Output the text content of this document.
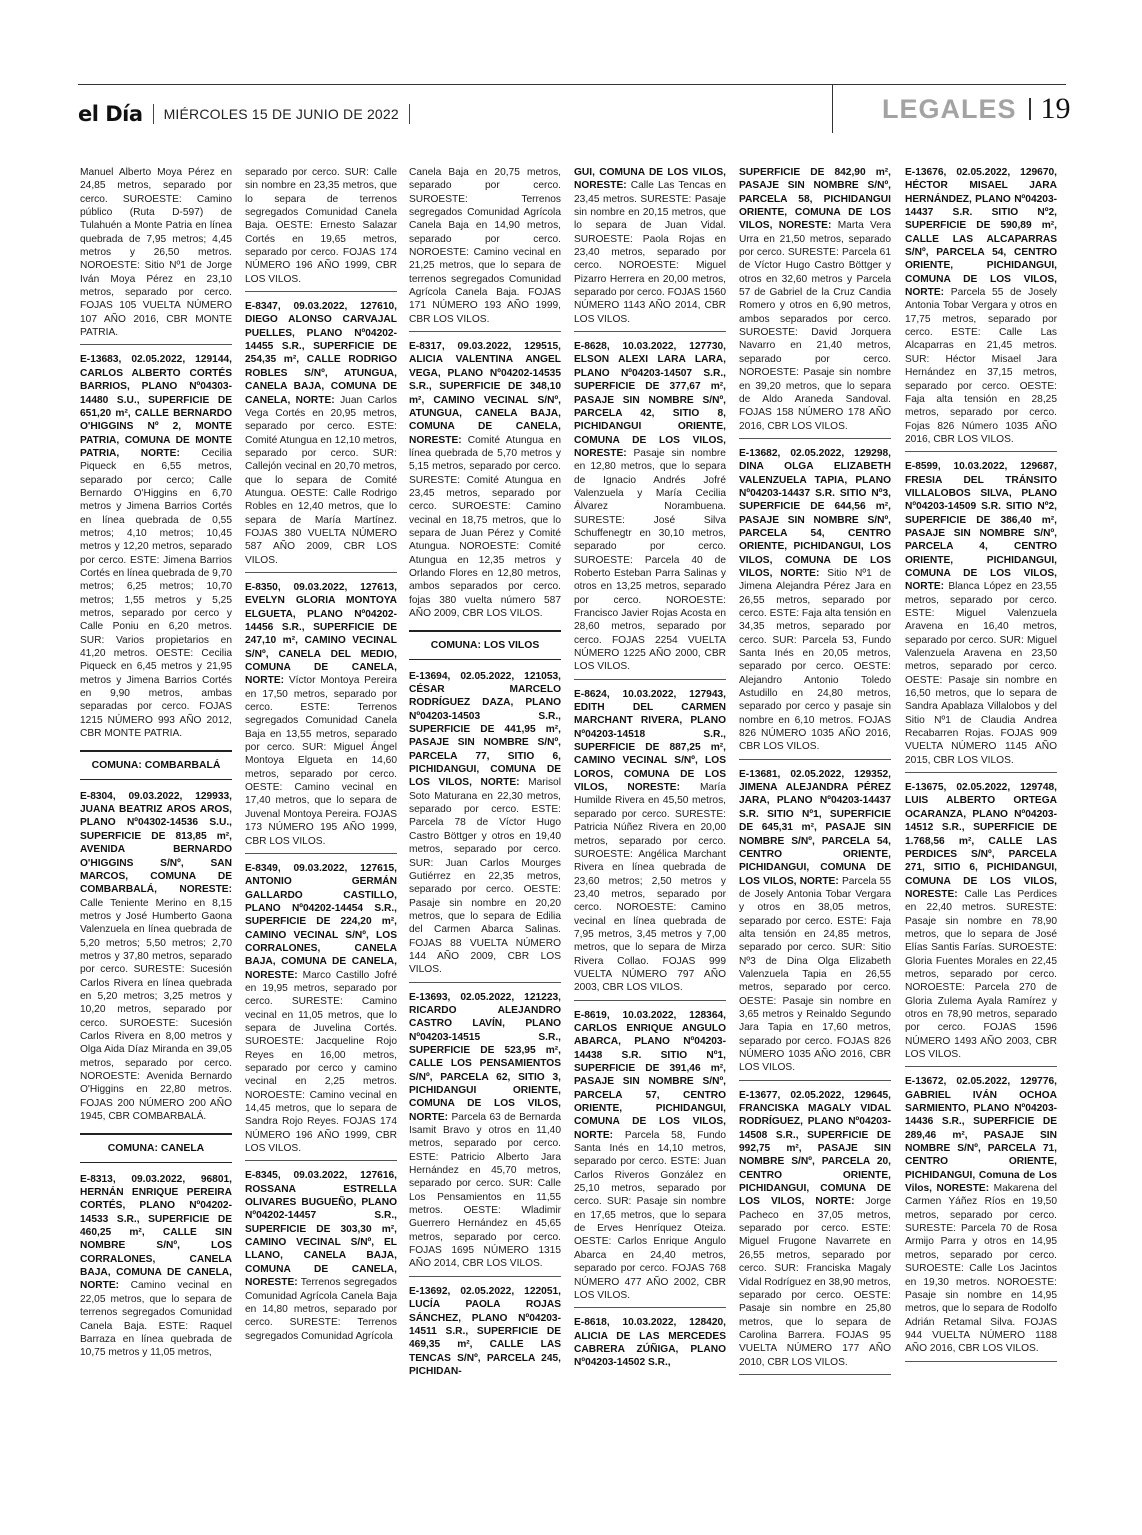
el Día MIÉRCOLES 15 DE JUNIO DE 2022	LEGALES 19
Manuel Alberto Moya Pérez en 24,85 metros, separado por cerco. SUROESTE: Camino público (Ruta D-597) de Tulahuén a Monte Patria en línea quebrada de 7,95 metros; 4,45 metros y 26,50 metros. NOROESTE: Sitio Nº1 de Jorge Iván Moya Pérez en 23,10 metros, separado por cerco. FOJAS 105 VUELTA NÚMERO 107 AÑO 2016, CBR MONTE PATRIA.
E-13683, 02.05.2022, 129144, CARLOS ALBERTO CORTÉS BARRIOS, PLANO Nº04303-14480 S.U., SUPERFICIE DE 651,20 m², CALLE BERNARDO O'HIGGINS Nº 2, MONTE PATRIA, COMUNA DE MONTE PATRIA, NORTE: Cecilia Piqueck en 6,55 metros, separado por cerco; Calle Bernardo O'Higgins en 6,70 metros y Jimena Barrios Cortés en línea quebrada de 0,55 metros; 4,10 metros; 10,45 metros y 12,20 metros, separado por cerco. ESTE: Jimena Barrios Cortés en línea quebrada de 9,70 metros; 6,25 metros; 10,70 metros; 1,55 metros y 5,25 metros, separado por cerco y Calle Poniu en 6,20 metros. SUR: Varios propietarios en 41,20 metros. OESTE: Cecilia Piqueck en 6,45 metros y 21,95 metros y Jimena Barrios Cortés en 9,90 metros, ambas separadas por cerco. FOJAS 1215 NÚMERO 993 AÑO 2012, CBR MONTE PATRIA.
COMUNA: COMBARBALÁ
E-8304, 09.03.2022, 129933, JUANA BEATRIZ AROS AROS, PLANO Nº04302-14536 S.U., SUPERFICIE DE 813,85 m², AVENIDA BERNARDO O'HIGGINS S/Nº, SAN MARCOS, COMUNA DE COMBARBALÁ, NORESTE: Calle Teniente Merino en 8,15 metros y José Humberto Gaona Valenzuela en línea quebrada de 5,20 metros; 5,50 metros; 2,70 metros y 37,80 metros, separado por cerco. SURESTE: Sucesión Carlos Rivera en línea quebrada en 5,20 metros; 3,25 metros y 10,20 metros, separado por cerco. SUROESTE: Sucesión Carlos Rivera en 8,00 metros y Olga Aida Díaz Miranda en 39,05 metros, separado por cerco. NOROESTE: Avenida Bernardo O'Higgins en 22,80 metros. FOJAS 200 NÚMERO 200 AÑO 1945, CBR COMBARBALÁ.
COMUNA: CANELA
E-8313, 09.03.2022, 96801, HERNÁN ENRIQUE PEREIRA CORTÉS, PLANO Nº04202-14533 S.R., SUPERFICIE DE 460,25 m², CALLE SIN NOMBRE S/Nº, LOS CORRALONES, CANELA BAJA, COMUNA DE CANELA, NORTE: Camino vecinal en 22,05 metros, que lo separa de terrenos segregados Comunidad Canela Baja. ESTE: Raquel Barraza en línea quebrada de 10,75 metros y 11,05 metros,
separado por cerco. SUR: Calle sin nombre en 23,35 metros, que lo separa de terrenos segregados Comunidad Canela Baja. OESTE: Ernesto Salazar Cortés en 19,65 metros, separado por cerco. FOJAS 174 NÚMERO 196 AÑO 1999, CBR LOS VILOS.
E-8347, 09.03.2022, 127610, DIEGO ALONSO CARVAJAL PUELLES, PLANO Nº04202-14455 S.R., SUPERFICIE DE 254,35 m², CALLE RODRIGO ROBLES S/Nº, ATUNGUA, CANELA BAJA, COMUNA DE CANELA, NORTE: Juan Carlos Vega Cortés en 20,95 metros, separado por cerco. ESTE: Comité Atungua en 12,10 metros, separado por cerco. SUR: Callejón vecinal en 20,70 metros, que lo separa de Comité Atungua. OESTE: Calle Rodrigo Robles en 12,40 metros, que lo separa de María Martínez. FOJAS 380 VUELTA NÚMERO 587 AÑO 2009, CBR LOS VILOS.
E-8350, 09.03.2022, 127613, EVELYN GLORIA MONTOYA ELGUETA, PLANO Nº04202-14456 S.R., SUPERFICIE DE 247,10 m², CAMINO VECINAL S/Nº, CANELA DEL MEDIO, COMUNA DE CANELA, NORTE: Víctor Montoya Pereira en 17,50 metros, separado por cerco. ESTE: Terrenos segregados Comunidad Canela Baja en 13,55 metros, separado por cerco. SUR: Miguel Ángel Montoya Elgueta en 14,60 metros, separado por cerco. OESTE: Camino vecinal en 17,40 metros, que lo separa de Juvenal Montoya Pereira. FOJAS 173 NÚMERO 195 AÑO 1999, CBR LOS VILOS.
E-8349, 09.03.2022, 127615, ANTONIO GERMÁN GALLARDO CASTILLO, PLANO Nº04202-14454 S.R., SUPERFICIE DE 224,20 m², CAMINO VECINAL S/Nº, LOS CORRALONES, CANELA BAJA, COMUNA DE CANELA, NORESTE: Marco Castillo Jofré en 19,95 metros, separado por cerco. SURESTE: Camino vecinal en 11,05 metros, que lo separa de Juvelina Cortés. SUROESTE: Jacqueline Rojo Reyes en 16,00 metros, separado por cerco y camino vecinal en 2,25 metros. NOROESTE: Camino vecinal en 14,45 metros, que lo separa de Sandra Rojo Reyes. FOJAS 174 NÚMERO 196 AÑO 1999, CBR LOS VILOS.
E-8345, 09.03.2022, 127616, ROSSANA ESTRELLA OLIVARES BUGUEÑO, PLANO Nº04202-14457 S.R., SUPERFICIE DE 303,30 m², CAMINO VECINAL S/Nº, EL LLANO, CANELA BAJA, COMUNA DE CANELA, NORESTE: Terrenos segregados Comunidad Agrícola Canela Baja en 14,80 metros, separado por cerco. SURESTE: Terrenos segregados Comunidad Agrícola
Canela Baja en 20,75 metros, separado por cerco. SUROESTE: Terrenos segregados Comunidad Agrícola Canela Baja en 14,90 metros, separado por cerco. NOROESTE: Camino vecinal en 21,25 metros, que lo separa de terrenos segregados Comunidad Agrícola Canela Baja. FOJAS 171 NÚMERO 193 AÑO 1999, CBR LOS VILOS.
E-8317, 09.03.2022, 129515, ALICIA VALENTINA ANGEL VEGA, PLANO Nº04202-14535 S.R., SUPERFICIE DE 348,10 m², CAMINO VECINAL S/Nº, ATUNGUA, CANELA BAJA, COMUNA DE CANELA, NORESTE: Comité Atungua en línea quebrada de 5,70 metros y 5,15 metros, separado por cerco. SURESTE: Comité Atungua en 23,45 metros, separado por cerco. SUROESTE: Camino vecinal en 18,75 metros, que lo separa de Juan Pérez y Comité Atungua. NOROESTE: Comité Atungua en 12,35 metros y Orlando Flores en 12,80 metros, ambos separados por cerco. fojas 380 vuelta número 587 AÑO 2009, CBR LOS VILOS.
COMUNA: LOS VILOS
E-13694, 02.05.2022, 121053, CÉSAR MARCELO RODRÍGUEZ DAZA, PLANO Nº04203-14503 S.R., SUPERFICIE DE 441,95 m², PASAJE SIN NOMBRE S/Nº, PARCELA 77, SITIO 6, PICHIDANGUI, COMUNA DE LOS VILOS, NORTE: Marisol Soto Maturana en 22,30 metros, separado por cerco. ESTE: Parcela 78 de Víctor Hugo Castro Böttger y otros en 19,40 metros, separado por cerco. SUR: Juan Carlos Mourges Gutiérrez en 22,35 metros, separado por cerco. OESTE: Pasaje sin nombre en 20,20 metros, que lo separa de Edilia del Carmen Abarca Salinas. FOJAS 88 VUELTA NÚMERO 144 AÑO 2009, CBR LOS VILOS.
E-13693, 02.05.2022, 121223, RICARDO ALEJANDRO CASTRO LAVÍN, PLANO Nº04203-14515 S.R., SUPERFICIE DE 523,95 m², CALLE LOS PENSAMIENTOS S/Nº, PARCELA 62, SITIO 3, PICHIDANGUI ORIENTE, COMUNA DE LOS VILOS, NORTE: Parcela 63 de Bernarda Isamit Bravo y otros en 11,40 metros, separado por cerco. ESTE: Patricio Alberto Jara Hernández en 45,70 metros, separado por cerco. SUR: Calle Los Pensamientos en 11,55 metros. OESTE: Wladimir Guerrero Hernández en 45,65 metros, separado por cerco. FOJAS 1695 NÚMERO 1315 AÑO 2014, CBR LOS VILOS.
E-13692, 02.05.2022, 122051, LUCÍA PAOLA ROJAS SÁNCHEZ, PLANO Nº04203-14511 S.R., SUPERFICIE DE 469,35 m², CALLE LAS TENCAS S/Nº, PARCELA 245, PICHIDAN-
GUI, COMUNA DE LOS VILOS, NORESTE: Calle Las Tencas en 23,45 metros. SURESTE: Pasaje sin nombre en 20,15 metros, que lo separa de Juan Vidal. SUROESTE: Paola Rojas en 23,40 metros, separado por cerco. NOROESTE: Miguel Pizarro Herrera en 20,00 metros, separado por cerco. FOJAS 1560 NÚMERO 1143 AÑO 2014, CBR LOS VILOS.
E-8628, 10.03.2022, 127730, ELSON ALEXI LARA LARA, PLANO Nº04203-14507 S.R., SUPERFICIE DE 377,67 m², PASAJE SIN NOMBRE S/Nº, PARCELA 42, SITIO 8, PICHIDANGUI ORIENTE, COMUNA DE LOS VILOS, NORESTE: Pasaje sin nombre en 12,80 metros, que lo separa de Ignacio Andrés Jofré Valenzuela y María Cecilia Álvarez Norambuena. SURESTE: José Silva Schuffenegtr en 30,10 metros, separado por cerco. SUROESTE: Parcela 40 de Roberto Esteban Parra Salinas y otros en 13,25 metros, separado por cerco. NOROESTE: Francisco Javier Rojas Acosta en 28,60 metros, separado por cerco. FOJAS 2254 VUELTA NÚMERO 1225 AÑO 2000, CBR LOS VILOS.
E-8624, 10.03.2022, 127943, EDITH DEL CARMEN MARCHANT RIVERA, PLANO Nº04203-14518 S.R., SUPERFICIE DE 887,25 m², CAMINO VECINAL S/Nº, LOS LOROS, COMUNA DE LOS VILOS, NORESTE: María Humilde Rivera en 45,50 metros, separado por cerco. SURESTE: Patricia Núñez Rivera en 20,00 metros, separado por cerco. SUROESTE: Angélica Marchant Rivera en línea quebrada de 23,60 metros; 2,50 metros y 23,40 metros, separado por cerco. NOROESTE: Camino vecinal en línea quebrada de 7,95 metros, 3,45 metros y 7,00 metros, que lo separa de Mirza Rivera Collao. FOJAS 999 VUELTA NÚMERO 797 AÑO 2003, CBR LOS VILOS.
E-8619, 10.03.2022, 128364, CARLOS ENRIQUE ANGULO ABARCA, PLANO Nº04203-14438 S.R. SITIO Nº1, SUPERFICIE DE 391,46 m², PASAJE SIN NOMBRE S/Nº, PARCELA 57, CENTRO ORIENTE, PICHIDANGUI, COMUNA DE LOS VILOS, NORTE: Parcela 58, Fundo Santa Inés en 14,10 metros, separado por cerco. ESTE: Juan Carlos Riveros González en 25,10 metros, separado por cerco. SUR: Pasaje sin nombre en 17,65 metros, que lo separa de Erves Henríquez Oteiza. OESTE: Carlos Enrique Angulo Abarca en 24,40 metros, separado por cerco. FOJAS 768 NÚMERO 477 AÑO 2002, CBR LOS VILOS.
E-8618, 10.03.2022, 128420, ALICIA DE LAS MERCEDES CABRERA ZÚÑIGA, PLANO Nº04203-14502 S.R.,
SUPERFICIE DE 842,90 m², PASAJE SIN NOMBRE S/Nº, PARCELA 58, PICHIDANGUI ORIENTE, COMUNA DE LOS VILOS, NORESTE: Marta Vera Urra en 21,50 metros, separado por cerco. SURESTE: Parcela 61 de Víctor Hugo Castro Böttger y otros en 32,60 metros y Parcela 57 de Gabriel de la Cruz Candia Romero y otros en 6,90 metros, ambos separados por cerco. SUROESTE: David Jorquera Navarro en 21,40 metros, separado por cerco. NOROESTE: Pasaje sin nombre en 39,20 metros, que lo separa de Aldo Araneda Sandoval. FOJAS 158 NÚMERO 178 AÑO 2016, CBR LOS VILOS.
E-13682, 02.05.2022, 129298, DINA OLGA ELIZABETH VALENZUELA TAPIA, PLANO Nº04203-14437 S.R. SITIO Nº3, SUPERFICIE DE 644,56 m², PASAJE SIN NOMBRE S/Nº, PARCELA 54, CENTRO ORIENTE, PICHIDANGUI, LOS VILOS, COMUNA DE LOS VILOS, NORTE: Sitio Nº1 de Jimena Alejandra Pérez Jara en 26,55 metros, separado por cerco. ESTE: Faja alta tensión en 34,35 metros, separado por cerco. SUR: Parcela 53, Fundo Santa Inés en 20,05 metros, separado por cerco. OESTE: Alejandro Antonio Toledo Astudillo en 24,80 metros, separado por cerco y pasaje sin nombre en 6,10 metros. FOJAS 826 NÚMERO 1035 AÑO 2016, CBR LOS VILOS.
E-13681, 02.05.2022, 129352, JIMENA ALEJANDRA PÉREZ JARA, PLANO Nº04203-14437 S.R. SITIO Nº1, SUPERFICIE DE 645,31 m², PASAJE SIN NOMBRE S/Nº, PARCELA 54, CENTRO ORIENTE, PICHIDANGUI, COMUNA DE LOS VILOS, NORTE: Parcela 55 de Josely Antonia Tobar Vergara y otros en 38,05 metros, separado por cerco. ESTE: Faja alta tensión en 24,85 metros, separado por cerco. SUR: Sitio Nº3 de Dina Olga Elizabeth Valenzuela Tapia en 26,55 metros, separado por cerco. OESTE: Pasaje sin nombre en 3,65 metros y Reinaldo Segundo Jara Tapia en 17,60 metros, separado por cerco. FOJAS 826 NÚMERO 1035 AÑO 2016, CBR LOS VILOS.
E-13677, 02.05.2022, 129645, FRANCISKA MAGALY VIDAL RODRÍGUEZ, PLANO Nº04203-14508 S.R., SUPERFICIE DE 992,75 m², PASAJE SIN NOMBRE S/Nº, PARCELA 20, CENTRO ORIENTE, PICHIDANGUI, COMUNA DE LOS VILOS, NORTE: Jorge Pacheco en 37,05 metros, separado por cerco. ESTE: Miguel Frugone Navarrete en 26,55 metros, separado por cerco. SUR: Franciska Magaly Vidal Rodríguez en 38,90 metros, separado por cerco. OESTE: Pasaje sin nombre en 25,80 metros, que lo separa de Carolina Barrera. FOJAS 95 VUELTA NÚMERO 177 AÑO 2010, CBR LOS VILOS.
E-13676, 02.05.2022, 129670, HÉCTOR MISAEL JARA HERNÁNDEZ, PLANO Nº04203-14437 S.R. SITIO Nº2, SUPERFICIE DE 590,89 m², CALLE LAS ALCAPARRAS S/Nº, PARCELA 54, CENTRO ORIENTE, PICHIDANGUI, COMUNA DE LOS VILOS, NORTE: Parcela 55 de Josely Antonia Tobar Vergara y otros en 17,75 metros, separado por cerco. ESTE: Calle Las Alcaparras en 21,45 metros. SUR: Héctor Misael Jara Hernández en 37,15 metros, separado por cerco. OESTE: Faja alta tensión en 28,25 metros, separado por cerco. Fojas 826 Número 1035 AÑO 2016, CBR LOS VILOS.
E-8599, 10.03.2022, 129687, FRESIA DEL TRÁNSITO VILLALOBOS SILVA, PLANO Nº04203-14509 S.R. SITIO Nº2, SUPERFICIE DE 386,40 m², PASAJE SIN NOMBRE S/Nº, PARCELA 4, CENTRO ORIENTE, PICHIDANGUI, COMUNA DE LOS VILOS, NORTE: Blanca López en 23,55 metros, separado por cerco. ESTE: Miguel Valenzuela Aravena en 16,40 metros, separado por cerco. SUR: Miguel Valenzuela Aravena en 23,50 metros, separado por cerco. OESTE: Pasaje sin nombre en 16,50 metros, que lo separa de Sandra Apablaza Villalobos y del Sitio Nº1 de Claudia Andrea Recabarren Rojas. FOJAS 909 VUELTA NÚMERO 1145 AÑO 2015, CBR LOS VILOS.
E-13675, 02.05.2022, 129748, LUIS ALBERTO ORTEGA OCARANZA, PLANO Nº04203-14512 S.R., SUPERFICIE DE 1.768,56 m², CALLE LAS PERDICES S/Nº, PARCELA 271, SITIO 6, PICHIDANGUI, COMUNA DE LOS VILOS, NORESTE: Calle Las Perdices en 22,40 metros. SURESTE: Pasaje sin nombre en 78,90 metros, que lo separa de José Elías Santis Farías. SUROESTE: Gloria Fuentes Morales en 22,45 metros, separado por cerco. NOROESTE: Parcela 270 de Gloria Zulema Ayala Ramírez y otros en 78,90 metros, separado por cerco. FOJAS 1596 NÚMERO 1493 AÑO 2003, CBR LOS VILOS.
E-13672, 02.05.2022, 129776, GABRIEL IVÁN OCHOA SARMIENTO, PLANO Nº04203-14436 S.R., SUPERFICIE DE 289,46 m², PASAJE SIN NOMBRE S/Nº, PARCELA 71, CENTRO ORIENTE, PICHIDANGUI, Comuna de Los Vilos, NORESTE: Makarena del Carmen Yáñez Ríos en 19,50 metros, separado por cerco. SURESTE: Parcela 70 de Rosa Armijo Parra y otros en 14,95 metros, separado por cerco. SUROESTE: Calle Los Jacintos en 19,30 metros. NOROESTE: Pasaje sin nombre en 14,95 metros, que lo separa de Rodolfo Adrián Retamal Silva. FOJAS 944 VUELTA NÚMERO 1188 AÑO 2016, CBR LOS VILOS.
